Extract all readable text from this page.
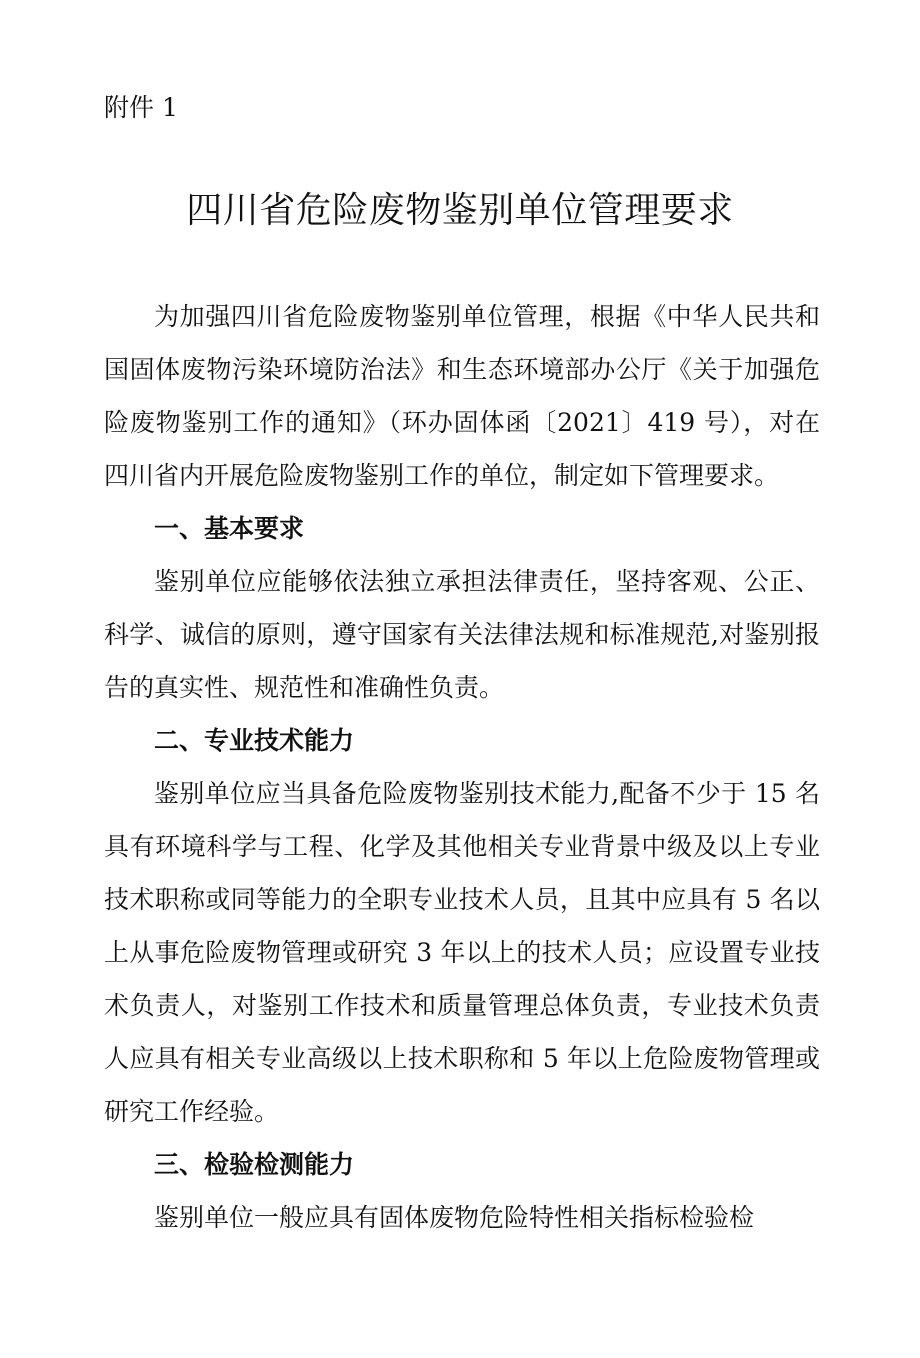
附件 1
四川省危险废物鉴别单位管理要求

为加强四川省危险废物鉴别单位管理，根据《中华人民共和国固体废物污染环境防治法》和生态环境部办公厅《关于加强危险废物鉴别工作的通知》（环办固体函〔2021〕419 号），对在四川省内开展危险废物鉴别工作的单位，制定如下管理要求。

一、基本要求

鉴别单位应能够依法独立承担法律责任，坚持客观、公正、科学、诚信的原则，遵守国家有关法律法规和标准规范,对鉴别报告的真实性、规范性和准确性负责。

二、专业技术能力

鉴别单位应当具备危险废物鉴别技术能力,配备不少于 15 名具有环境科学与工程、化学及其他相关专业背景中级及以上专业技术职称或同等能力的全职专业技术人员，且其中应具有 5 名以上从事危险废物管理或研究 3 年以上的技术人员；应设置专业技术负责人，对鉴别工作技术和质量管理总体负责，专业技术负责人应具有相关专业高级以上技术职称和 5 年以上危险废物管理或研究工作经验。

三、检验检测能力

鉴别单位一般应具有固体废物危险特性相关指标检验检
